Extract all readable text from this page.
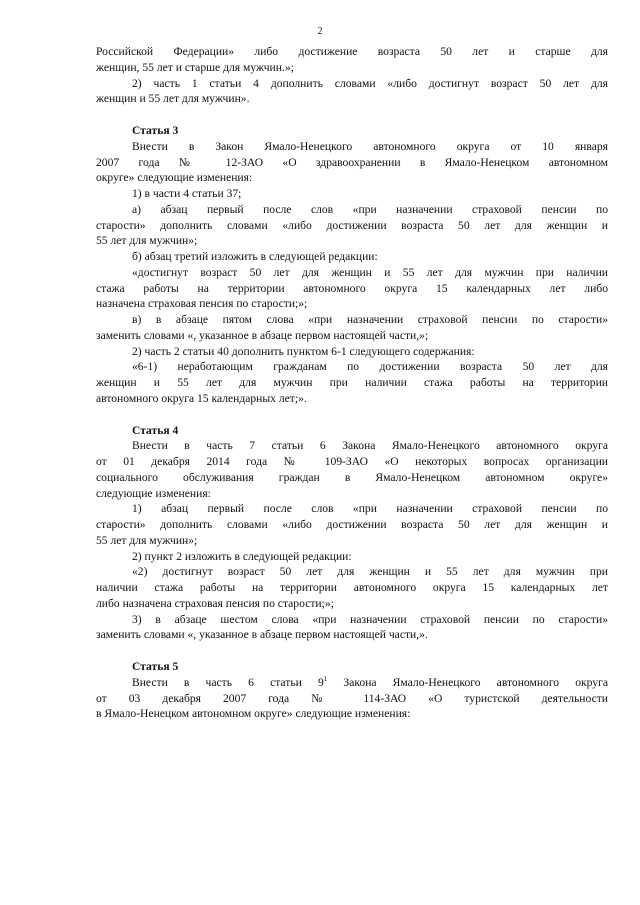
2

Российской Федерации» либо достижение возраста 50 лет и старше для

женщин, 55 лет и старше для мужчин.»;

2) часть 1 статьи 4 дополнить словами «либо достигнут возраст 50 лет для

женщин и 55 лет для мужчин».

Статья 3

Внести в Закон Ямало-Ненецкого автономного округа от 10 января

2007 года № 12-ЗАО «О здравоохранении в Ямало-Ненецком автономном

округе» следующие изменения:

1) в части 4 статьи 37;

а) абзац первый после слов «при назначении страховой пенсии по

старости» дополнить словами «либо достижении возраста 50 лет для женщин и

55 лет для мужчин»;

б) абзац третий изложить в следующей редакции:

«достигнут возраст 50 лет для женщин и 55 лет для мужчин при наличии

стажа работы на территории автономного округа 15 календарных лет либо

назначена страховая пенсия по старости;»;

в) в абзаце пятом слова «при назначении страховой пенсии по старости»

заменить словами «, указанное в абзаце первом настоящей части,»;

2) часть 2 статьи 40 дополнить пунктом 6-1 следующего содержания:

«6-1) неработающим гражданам по достижении возраста 50 лет для

женщин и 55 лет для мужчин при наличии стажа работы на территории

автономного округа 15 календарных лет;».

Статья 4

Внести в часть 7 статьи 6 Закона Ямало-Ненецкого автономного округа

от 01 декабря 2014 года № 109-ЗАО «О некоторых вопросах организации

социального обслуживания граждан в Ямало-Ненецком автономном округе»

следующие изменения:

1) абзац первый после слов «при назначении страховой пенсии по

старости» дополнить словами «либо достижении возраста 50 лет для женщин и

55 лет для мужчин»;

2) пункт 2 изложить в следующей редакции:

«2) достигнут возраст 50 лет для женщин и 55 лет для мужчин при

наличии стажа работы на территории автономного округа 15 календарных лет

либо назначена страховая пенсия по старости;»;

3) в абзаце шестом слова «при назначении страховой пенсии по старости»

заменить словами «, указанное в абзаце первом настоящей части,».

Статья 5

Внести в часть 6 статьи $9^1$ Закона Ямало-Ненецкого автономного округа

от 03 декабря 2007 года № 114-ЗАО «О туристской деятельности

в Ямало-Ненецком автономном округе» следующие изменения:
